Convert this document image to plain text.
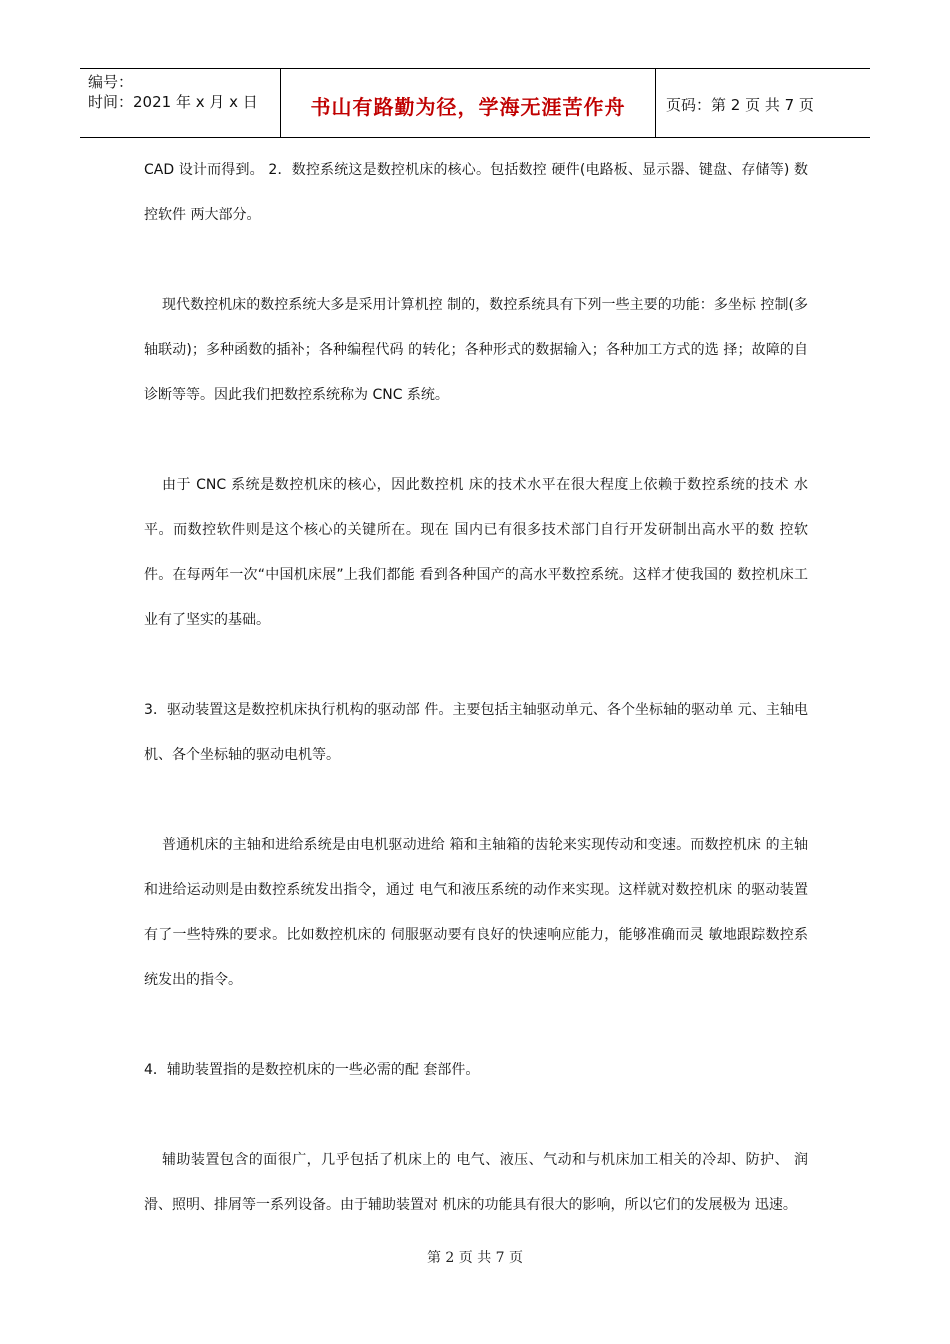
编号：
时间：2021 年 x 月 x 日	书山有路勤为径，学海无涯苦作舟	页码：第 2 页 共 7 页

CAD 设计而得到。 2．数控系统这是数控机床的核心。包括数控 硬件(电路板、显示器、键盘、存储等) 数控软件 两大部分。

现代数控机床的数控系统大多是采用计算机控 制的，数控系统具有下列一些主要的功能：多坐标 控制(多轴联动)；多种函数的插补；各种编程代码 的转化；各种形式的数据输入；各种加工方式的选 择；故障的自诊断等等。因此我们把数控系统称为 CNC 系统。

由于 CNC 系统是数控机床的核心，因此数控机 床的技术水平在很大程度上依赖于数控系统的技术 水平。而数控软件则是这个核心的关键所在。现在 国内已有很多技术部门自行开发研制出高水平的数 控软件。在每两年一次“中国机床展”上我们都能 看到各种国产的高水平数控系统。这样才使我国的 数控机床工业有了坚实的基础。

3．驱动装置这是数控机床执行机构的驱动部 件。主要包括主轴驱动单元、各个坐标轴的驱动单 元、主轴电机、各个坐标轴的驱动电机等。

普通机床的主轴和进给系统是由电机驱动进给 箱和主轴箱的齿轮来实现传动和变速。而数控机床 的主轴和进给运动则是由数控系统发出指令，通过 电气和液压系统的动作来实现。这样就对数控机床 的驱动装置有了一些特殊的要求。比如数控机床的 伺服驱动要有良好的快速响应能力，能够准确而灵 敏地跟踪数控系统发出的指令。

4．辅助装置指的是数控机床的一些必需的配 套部件。

辅助装置包含的面很广，几乎包括了机床上的 电气、液压、气动和与机床加工相关的冷却、防护、 润滑、照明、排屑等一系列设备。由于辅助装置对 机床的功能具有很大的影响，所以它们的发展极为 迅速。

第 2 页 共 7 页
